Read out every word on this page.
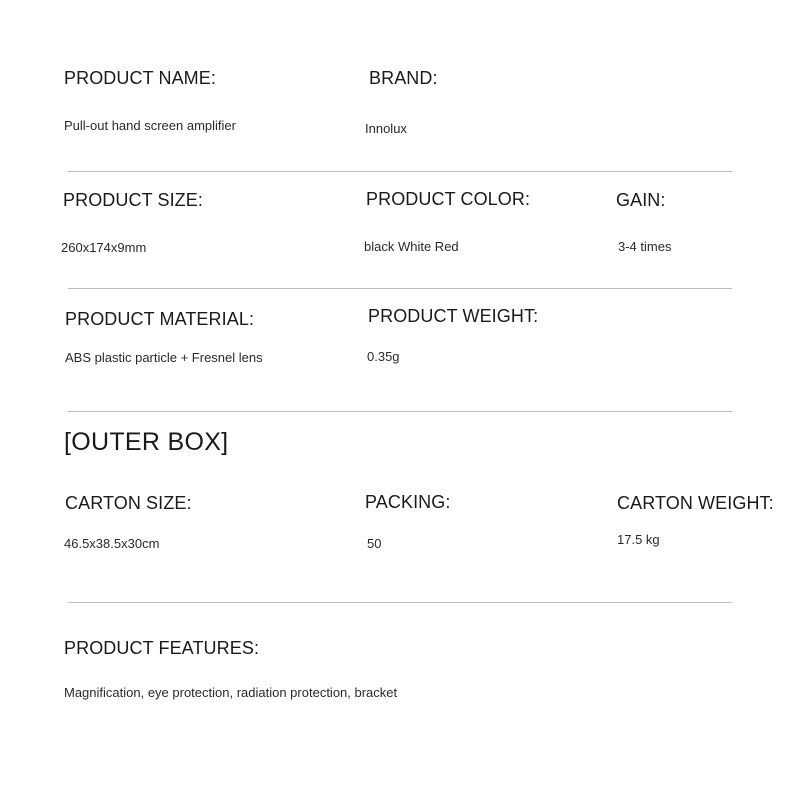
PRODUCT NAME:
Pull-out hand screen amplifier
BRAND:
Innolux
PRODUCT SIZE:
260x174x9mm
PRODUCT COLOR:
black White Red
GAIN:
3-4 times
PRODUCT MATERIAL:
ABS plastic particle + Fresnel lens
PRODUCT WEIGHT:
0.35g
[OUTER BOX]
CARTON SIZE:
46.5x38.5x30cm
PACKING:
50
CARTON WEIGHT:
17.5 kg
PRODUCT FEATURES:
Magnification, eye protection, radiation protection, bracket
